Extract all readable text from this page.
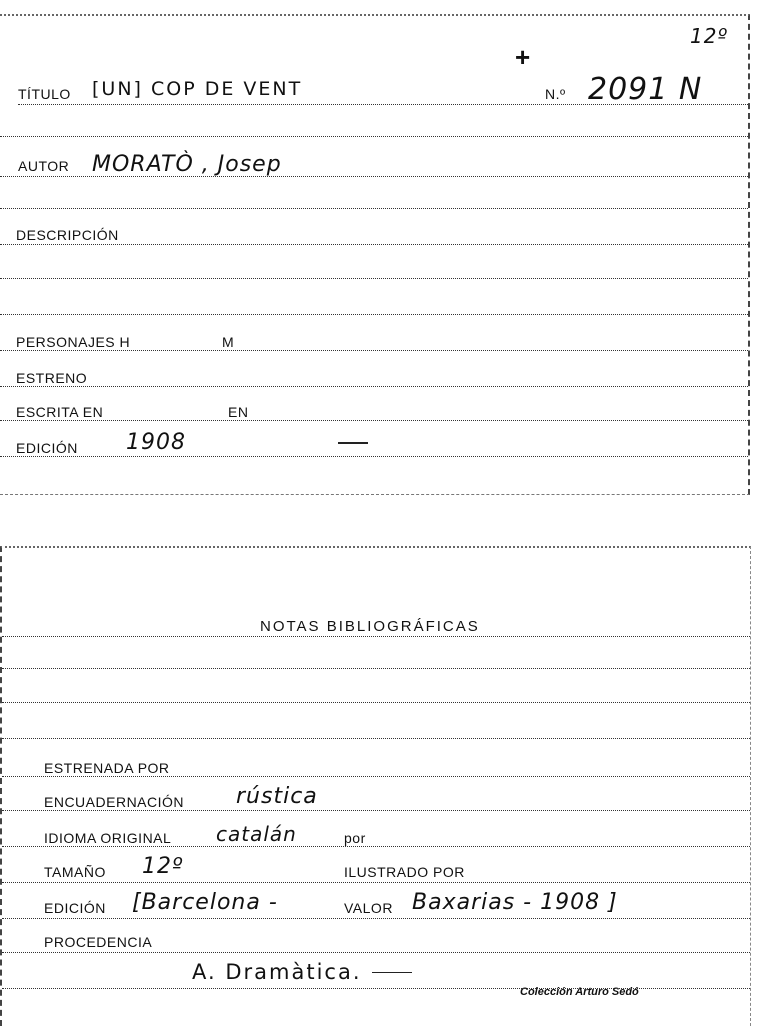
12º
+
TÍTULO [UN] COP DE VENT	N.º 2091 N
AUTOR MORATÒ , Josep
DESCRIPCIÓN
PERSONAJES H	M
ESTRENO
ESCRITA EN	EN
EDICIÓN 1908
NOTAS BIBLIOGRÁFICAS
ESTRENADA POR
ENCUADERNACIÓN rústica
IDIOMA ORIGINAL catalán	por
TAMAÑO 12º	ILUSTRADO POR
EDICIÓN [Barcelona -	VALOR Baxarias - 1908 ]
PROCEDENCIA
A. Dramàtica.
Colección Arturo Sedó
